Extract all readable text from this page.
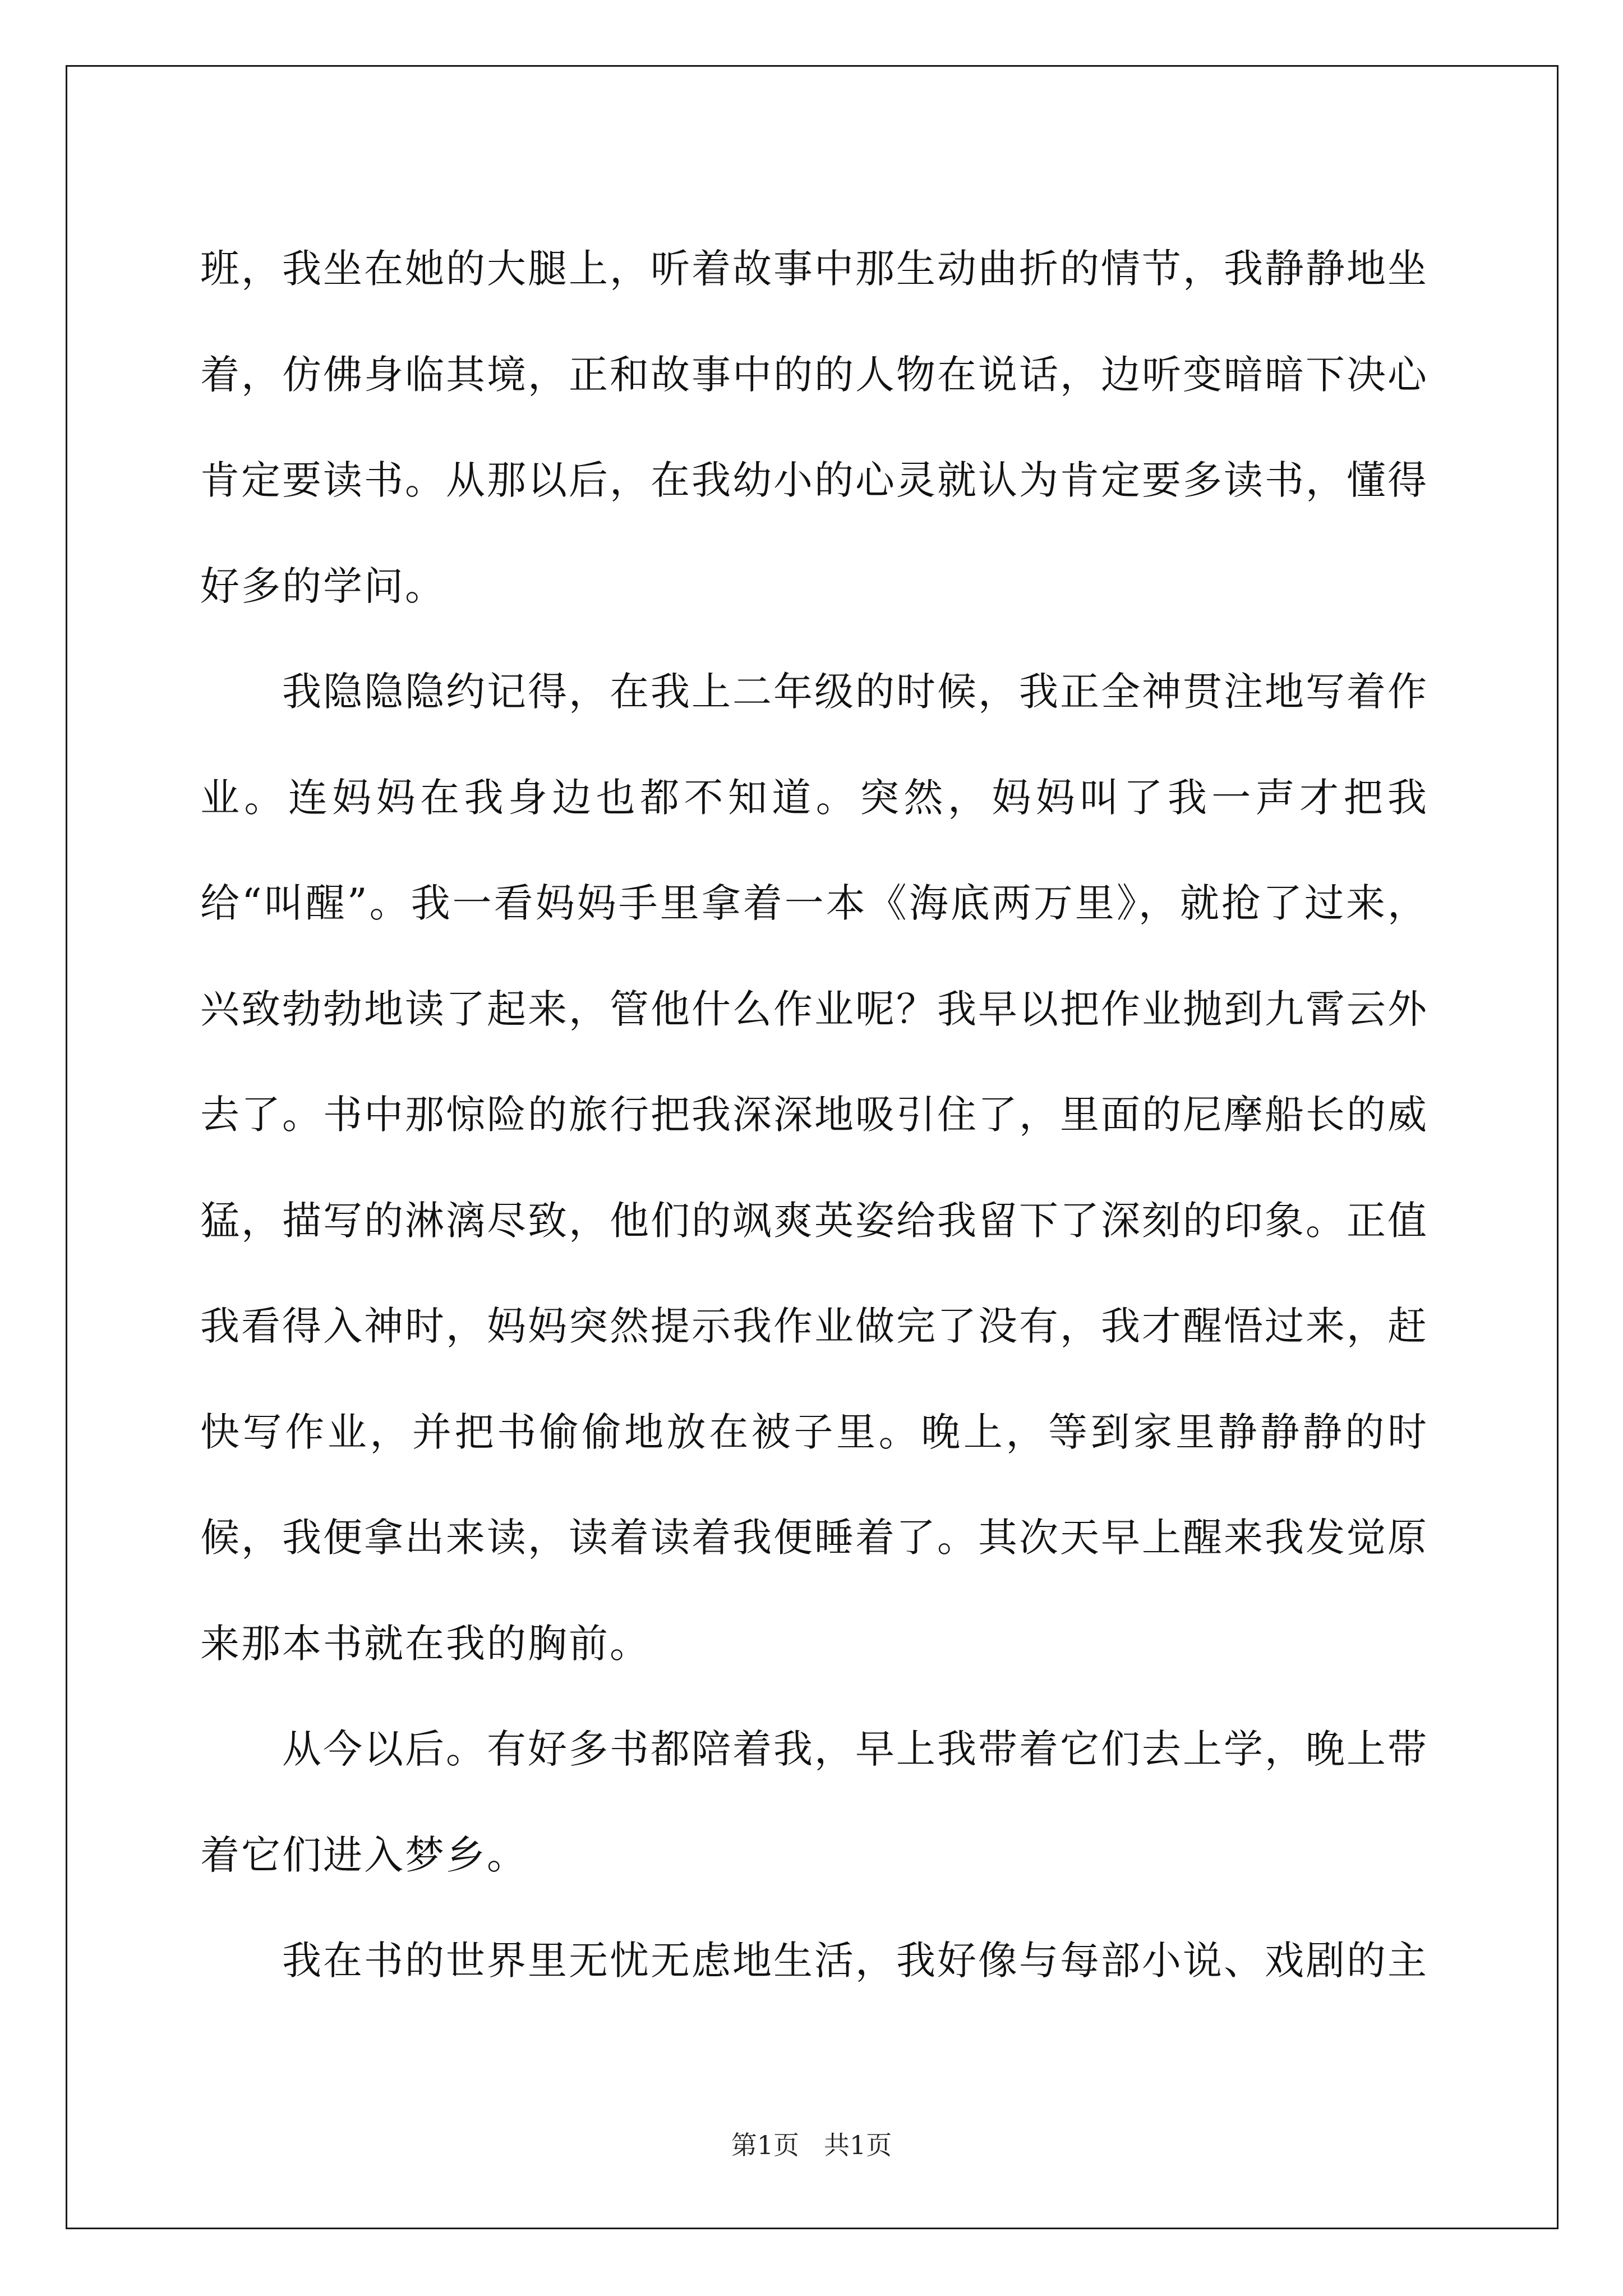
班，我坐在她的大腿上，听着故事中那生动曲折的情节，我静静地坐着，仿佛身临其境，正和故事中的的人物在说话，边听变暗暗下决心肯定要读书。从那以后，在我幼小的心灵就认为肯定要多读书，懂得好多的学问。

我隐隐隐约记得，在我上二年级的时候，我正全神贯注地写着作业。连妈妈在我身边也都不知道。突然，妈妈叫了我一声才把我给“叫醒”。我一看妈妈手里拿着一本《海底两万里》，就抢了过来，兴致勃勃地读了起来，管他什么作业呢？我早以把作业抛到九霄云外去了。书中那惊险的旅行把我深深地吸引住了，里面的尼摩船长的威猛，描写的淋漓尽致，他们的飒爽英姿给我留下了深刻的印象。正值我看得入神时，妈妈突然提示我作业做完了没有，我才醒悟过来，赶快写作业，并把书偷偷地放在被子里。晚上，等到家里静静静的时候，我便拿出来读，读着读着我便睡着了。其次天早上醒来我发觉原来那本书就在我的胸前。

从今以后。有好多书都陪着我，早上我带着它们去上学，晚上带着它们进入梦乡。

我在书的世界里无忧无虑地生活，我好像与每部小说、戏剧的主

第1页 共1页
